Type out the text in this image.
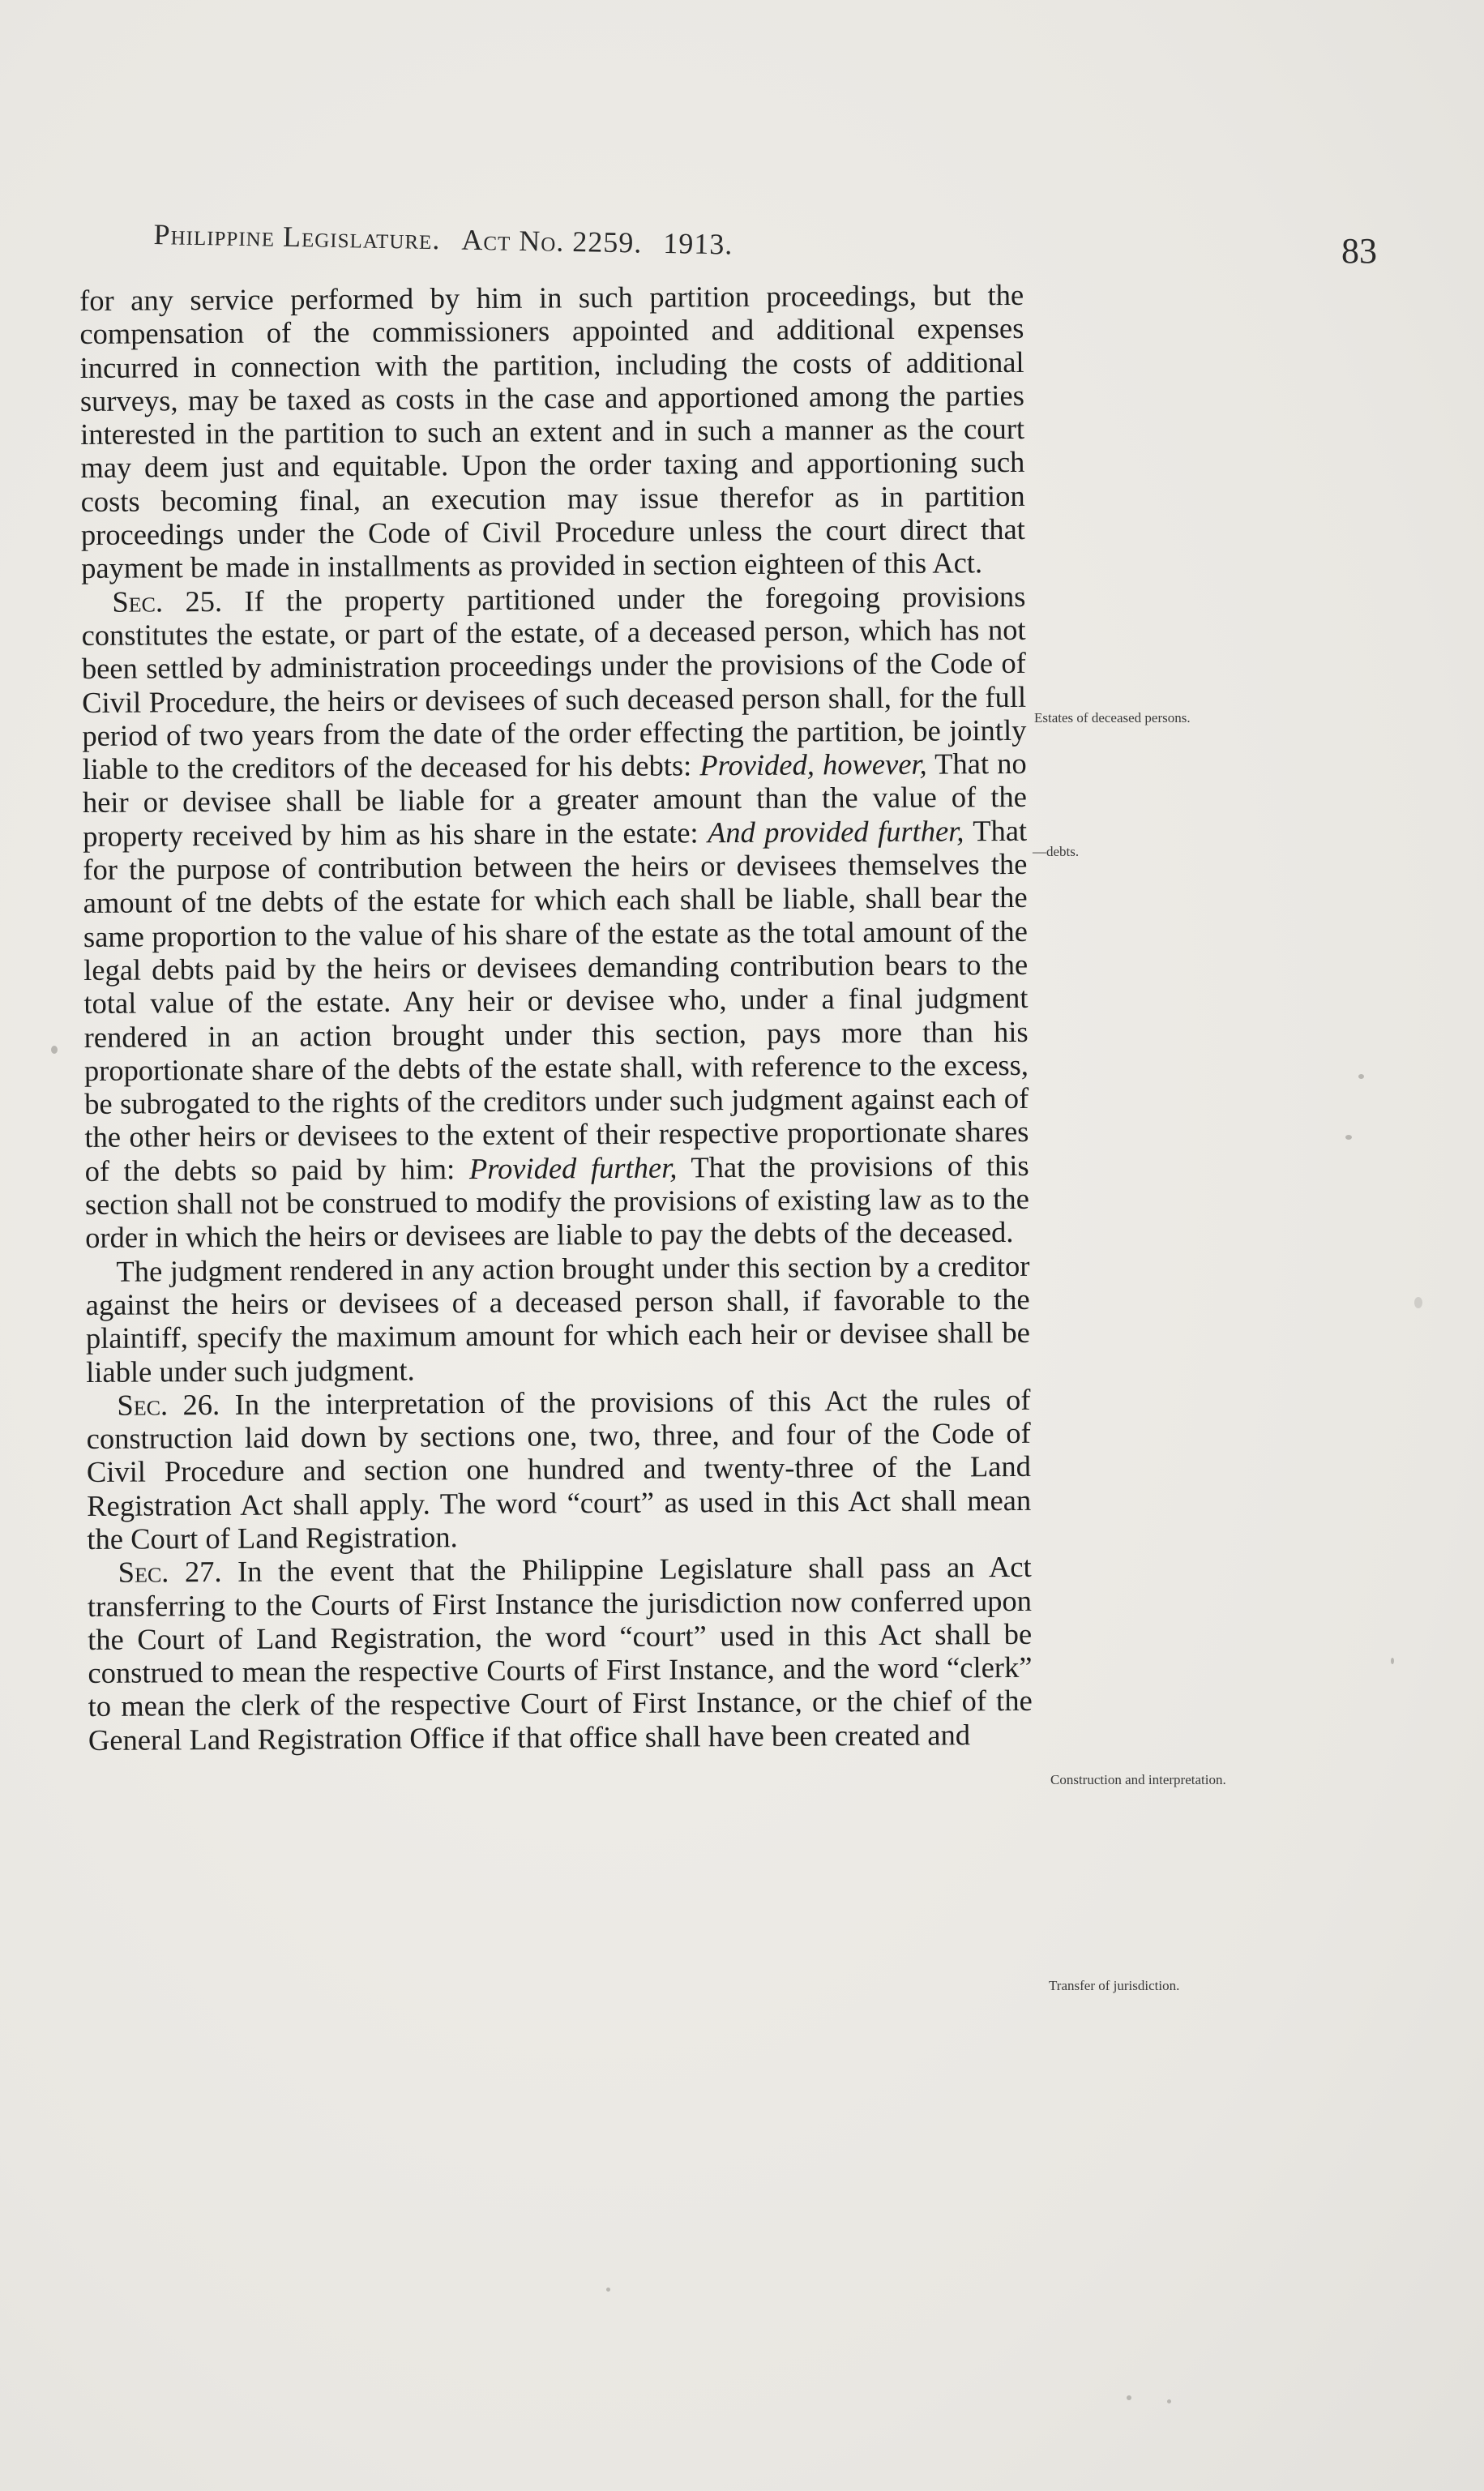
Philippine Legislature. Act No. 2259. 1913.	83

for any service performed by him in such partition proceedings, but the compensation of the commissioners appointed and additional expenses incurred in connection with the partition, including the costs of additional surveys, may be taxed as costs in the case and apportioned among the parties interested in the partition to such an extent and in such a manner as the court may deem just and equitable. Upon the order taxing and apportioning such costs becoming final, an execution may issue therefor as in partition proceedings under the Code of Civil Procedure unless the court direct that payment be made in installments as provided in section eighteen of this Act.

Sec. 25. If the property partitioned under the foregoing provisions constitutes the estate, or part of the estate, of a deceased person, which has not been settled by administration proceedings under the provisions of the Code of Civil Procedure, the heirs or devisees of such deceased person shall, for the full period of two years from the date of the order effecting the partition, be jointly liable to the creditors of the deceased for his debts: Provided, however, That no heir or devisee shall be liable for a greater amount than the value of the property received by him as his share in the estate: And provided further, That for the purpose of contribution between the heirs or devisees themselves the amount of tne debts of the estate for which each shall be liable, shall bear the same proportion to the value of his share of the estate as the total amount of the legal debts paid by the heirs or devisees demanding contribution bears to the total value of the estate. Any heir or devisee who, under a final judgment rendered in an action brought under this section, pays more than his proportionate share of the debts of the estate shall, with reference to the excess, be subrogated to the rights of the creditors under such judgment against each of the other heirs or devisees to the extent of their respective proportionate shares of the debts so paid by him: Provided further, That the provisions of this section shall not be construed to modify the provisions of existing law as to the order in which the heirs or devisees are liable to pay the debts of the deceased.

The judgment rendered in any action brought under this section by a creditor against the heirs or devisees of a deceased person shall, if favorable to the plaintiff, specify the maximum amount for which each heir or devisee shall be liable under such judgment.

Sec. 26. In the interpretation of the provisions of this Act the rules of construction laid down by sections one, two, three, and four of the Code of Civil Procedure and section one hundred and twenty-three of the Land Registration Act shall apply. The word “court” as used in this Act shall mean the Court of Land Registration.

Sec. 27. In the event that the Philippine Legislature shall pass an Act transferring to the Courts of First Instance the jurisdiction now conferred upon the Court of Land Registration, the word “court” used in this Act shall be construed to mean the respective Courts of First Instance, and the word “clerk” to mean the clerk of the respective Court of First Instance, or the chief of the General Land Registration Office if that office shall have been created and

Estates of deceased persons.
—debts.
Construction and interpretation.
Transfer of jurisdiction.
